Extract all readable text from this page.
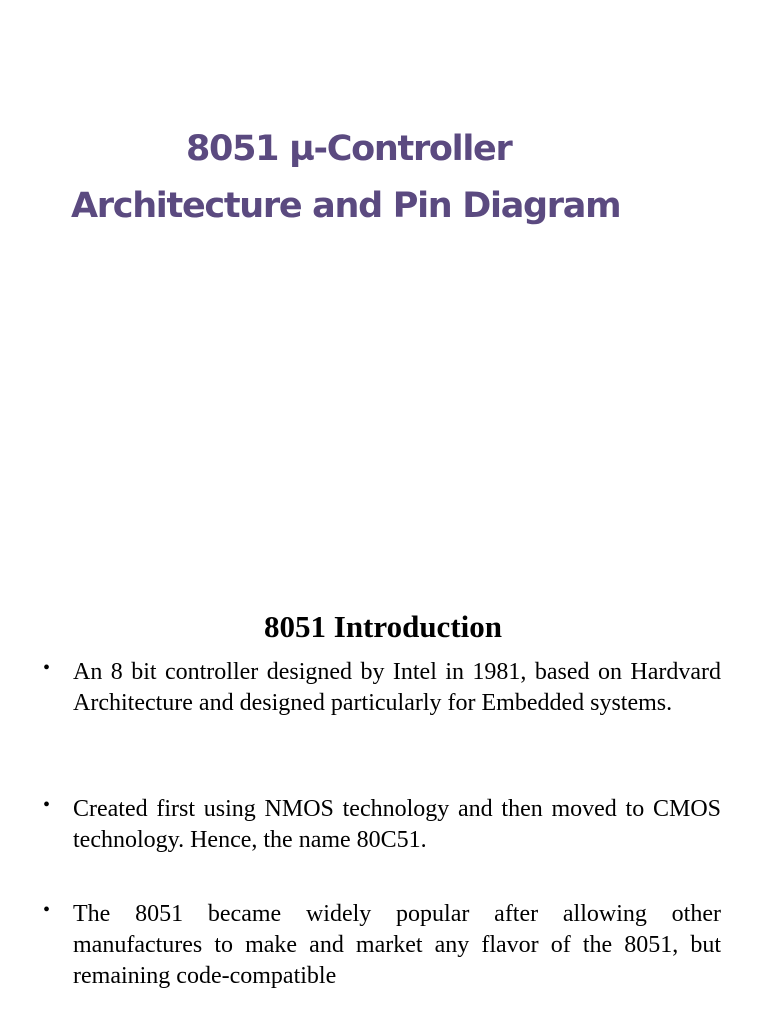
8051 µ-Controller
Architecture and Pin Diagram
8051 Introduction
• An 8 bit controller designed by Intel in 1981, based on Hardvard Architecture and designed particularly for Embedded systems.

• Created first using NMOS technology and then moved to CMOS technology. Hence, the name 80C51.

• The 8051 became widely popular after allowing other manufactures to make and market any flavor of the 8051, but remaining code-compatible
